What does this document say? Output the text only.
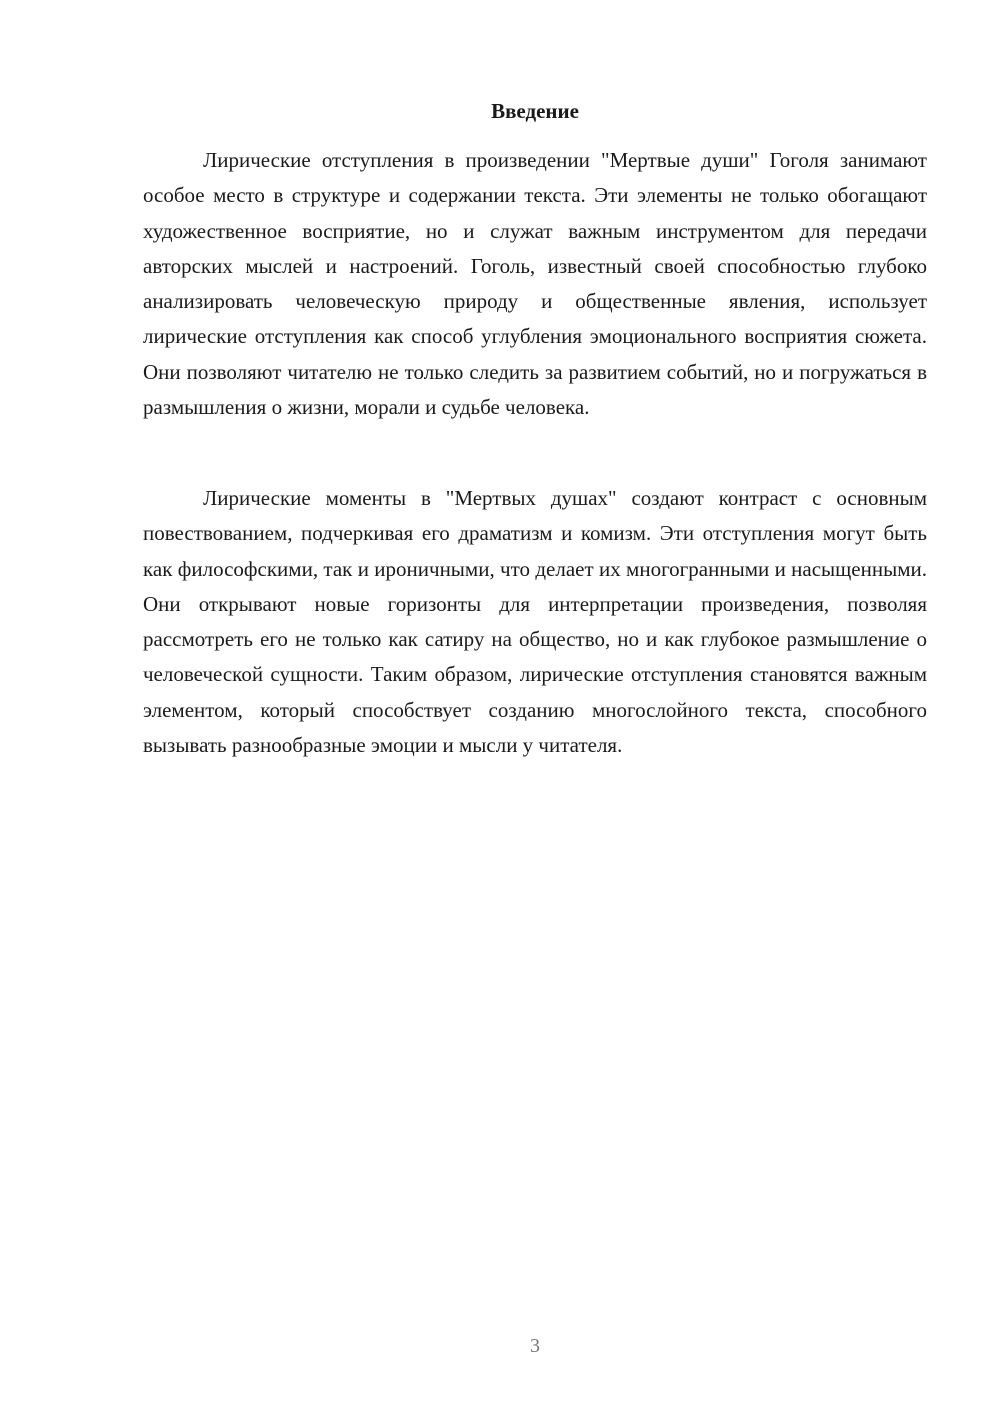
Введение

Лирические отступления в произведении "Мертвые души" Гоголя занимают особое место в структуре и содержании текста. Эти элементы не только обогащают художественное восприятие, но и служат важным инструментом для передачи авторских мыслей и настроений. Гоголь, известный своей способностью глубоко анализировать человеческую природу и общественные явления, использует лирические отступления как способ углубления эмоционального восприятия сюжета. Они позволяют читателю не только следить за развитием событий, но и погружаться в размышления о жизни, морали и судьбе человека.

Лирические моменты в "Мертвых душах" создают контраст с основным повествованием, подчеркивая его драматизм и комизм. Эти отступления могут быть как философскими, так и ироничными, что делает их многогранными и насыщенными. Они открывают новые горизонты для интерпретации произведения, позволяя рассмотреть его не только как сатиру на общество, но и как глубокое размышление о человеческой сущности. Таким образом, лирические отступления становятся важным элементом, который способствует созданию многослойного текста, способного вызывать разнообразные эмоции и мысли у читателя.

3
